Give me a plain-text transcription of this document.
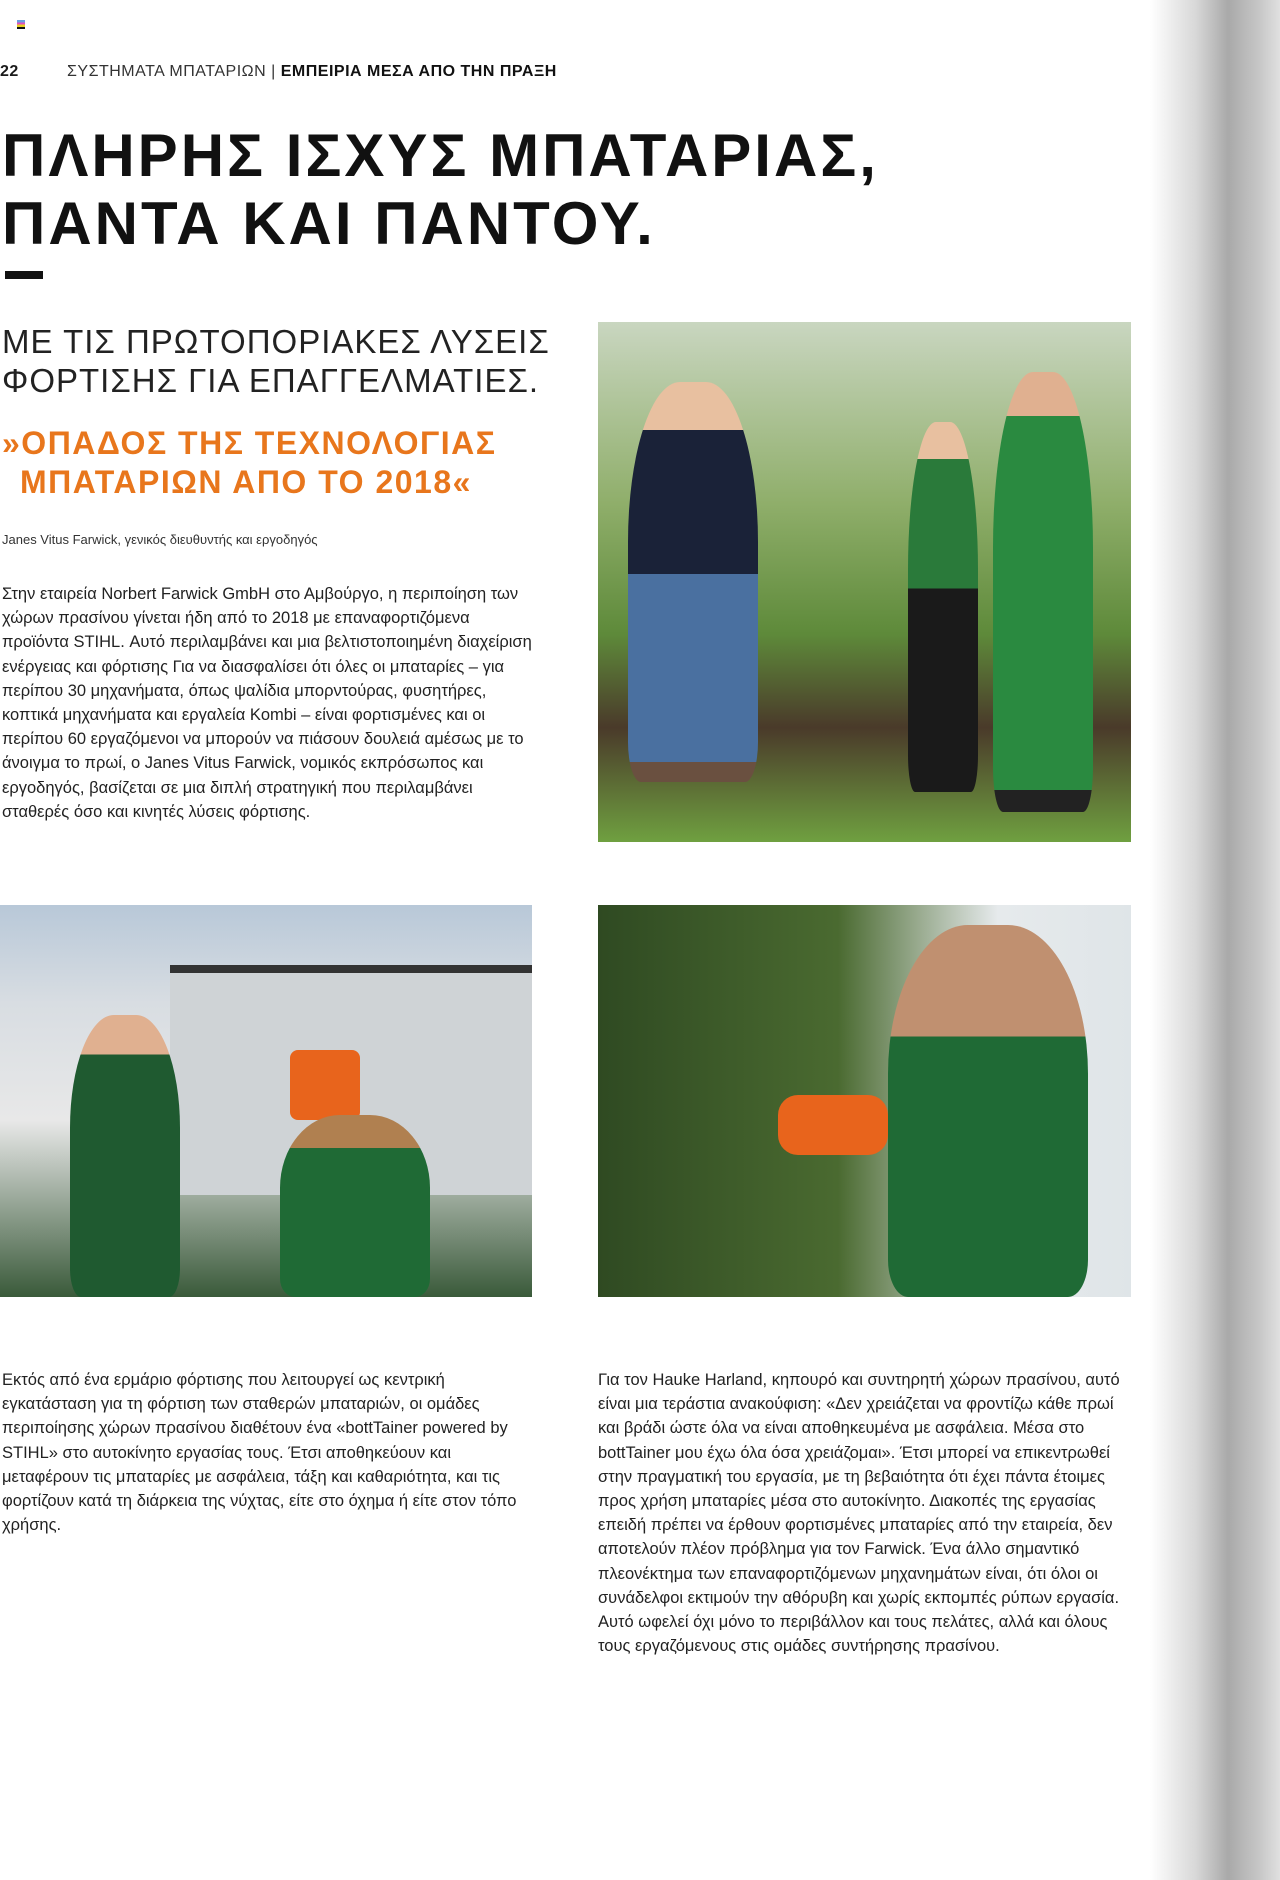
22	ΣΥΣΤΗΜΑΤΑ ΜΠΑΤΑΡΙΩΝ | ΕΜΠΕΙΡΙΑ ΜΕΣΑ ΑΠΟ ΤΗΝ ΠΡΑΞΗ
ΠΛΗΡΗΣ ΙΣΧΥΣ ΜΠΑΤΑΡΙΑΣ,
ΠΑΝΤΑ ΚΑΙ ΠΑΝΤΟΥ.
ΜΕ ΤΙΣ ΠΡΩΤΟΠΟΡΙΑΚΕΣ ΛΥΣΕΙΣ
ΦΟΡΤΙΣΗΣ ΓΙΑ ΕΠΑΓΓΕΛΜΑΤΙΕΣ.
»ΟΠΑΔΟΣ ΤΗΣ ΤΕΧΝΟΛΟΓΙΑΣ
ΜΠΑΤΑΡΙΩΝ ΑΠΟ ΤΟ 2018«
Janes Vitus Farwick, γενικός διευθυντής και εργοδηγός

Στην εταιρεία Norbert Farwick GmbH στο Αμβούργο, η περιποίηση των χώρων πρασίνου γίνεται ήδη από το 2018 με επαναφορτιζόμενα προϊόντα STIHL. Αυτό περιλαμβάνει και μια βελτιστοποιημένη διαχείριση ενέργειας και φόρτισης Για να διασφαλίσει ότι όλες οι μπαταρίες – για περίπου 30 μηχανήματα, όπως ψαλίδια μπορντούρας, φυσητήρες, κοπτικά μηχανήματα και εργαλεία Kombi – είναι φορτισμένες και οι περίπου 60 εργαζόμενοι να μπορούν να πιάσουν δουλειά αμέσως με το άνοιγμα το πρωί, ο Janes Vitus Farwick, νομικός εκπρόσωπος και εργοδηγός, βασίζεται σε μια διπλή στρατηγική που περιλαμβάνει σταθερές όσο και κινητές λύσεις φόρτισης.

Εκτός από ένα ερμάριο φόρτισης που λειτουργεί ως κεντρική εγκατάσταση για τη φόρτιση των σταθερών μπαταριών, οι ομάδες περιποίησης χώρων πρασίνου διαθέτουν ένα «bottTainer powered by STIHL» στο αυτοκίνητο εργασίας τους. Έτσι αποθηκεύουν και μεταφέρουν τις μπαταρίες με ασφάλεια, τάξη και καθαριότητα, και τις φορτίζουν κατά τη διάρκεια της νύχτας, είτε στο όχημα ή είτε στον τόπο χρήσης.

Για τον Hauke Harland, κηπουρό και συντηρητή χώρων πρασίνου, αυτό είναι μια τεράστια ανακούφιση: «Δεν χρειάζεται να φροντίζω κάθε πρωί και βράδι ώστε όλα να είναι αποθηκευμένα με ασφάλεια. Μέσα στο bottTainer μου έχω όλα όσα χρειάζομαι». Έτσι μπορεί να επικεντρωθεί στην πραγματική του εργασία, με τη βεβαιότητα ότι έχει πάντα έτοιμες προς χρήση μπαταρίες μέσα στο αυτοκίνητο. Διακοπές της εργασίας επειδή πρέπει να έρθουν φορτισμένες μπαταρίες από την εταιρεία, δεν αποτελούν πλέον πρόβλημα για τον Farwick. Ένα άλλο σημαντικό πλεονέκτημα των επαναφορτιζόμενων μηχανημάτων είναι, ότι όλοι οι συνάδελφοι εκτιμούν την αθόρυβη και χωρίς εκπομπές ρύπων εργασία. Αυτό ωφελεί όχι μόνο το περιβάλλον και τους πελάτες, αλλά και όλους τους εργαζόμενους στις ομάδες συντήρησης πρασίνου.
